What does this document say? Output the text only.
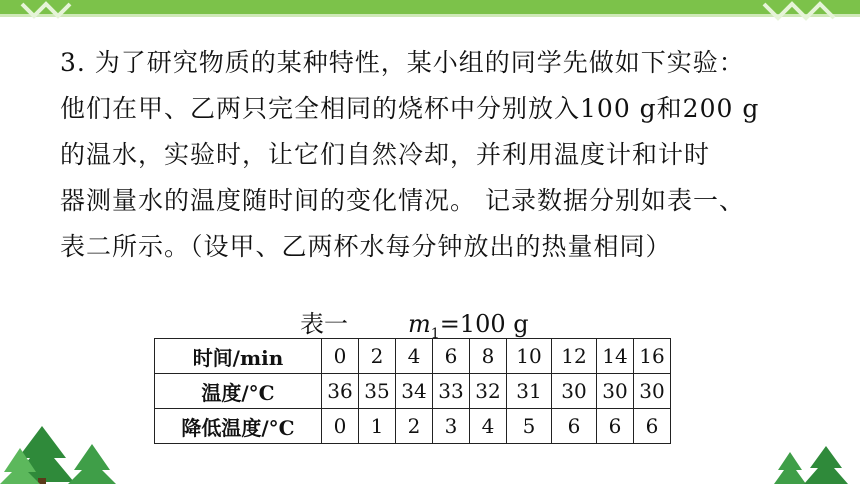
3. 为了研究物质的某种特性，某小组的同学先做如下实验：
他们在甲、乙两只完全相同的烧杯中分别放入100 g和200 g
的温水，实验时，让它们自然冷却，并利用温度计和计时
器测量水的温度随时间的变化情况。 记录数据分别如表一、
表二所示。（设甲、乙两杯水每分钟放出的热量相同）
表一	$m_1=100$ g
时间/min	0	2	4	6	8	10	12	14	16
温度/°C	36	35	34	33	32	31	30	30	30
降低温度/°C	0	1	2	3	4	5	6	6	6
